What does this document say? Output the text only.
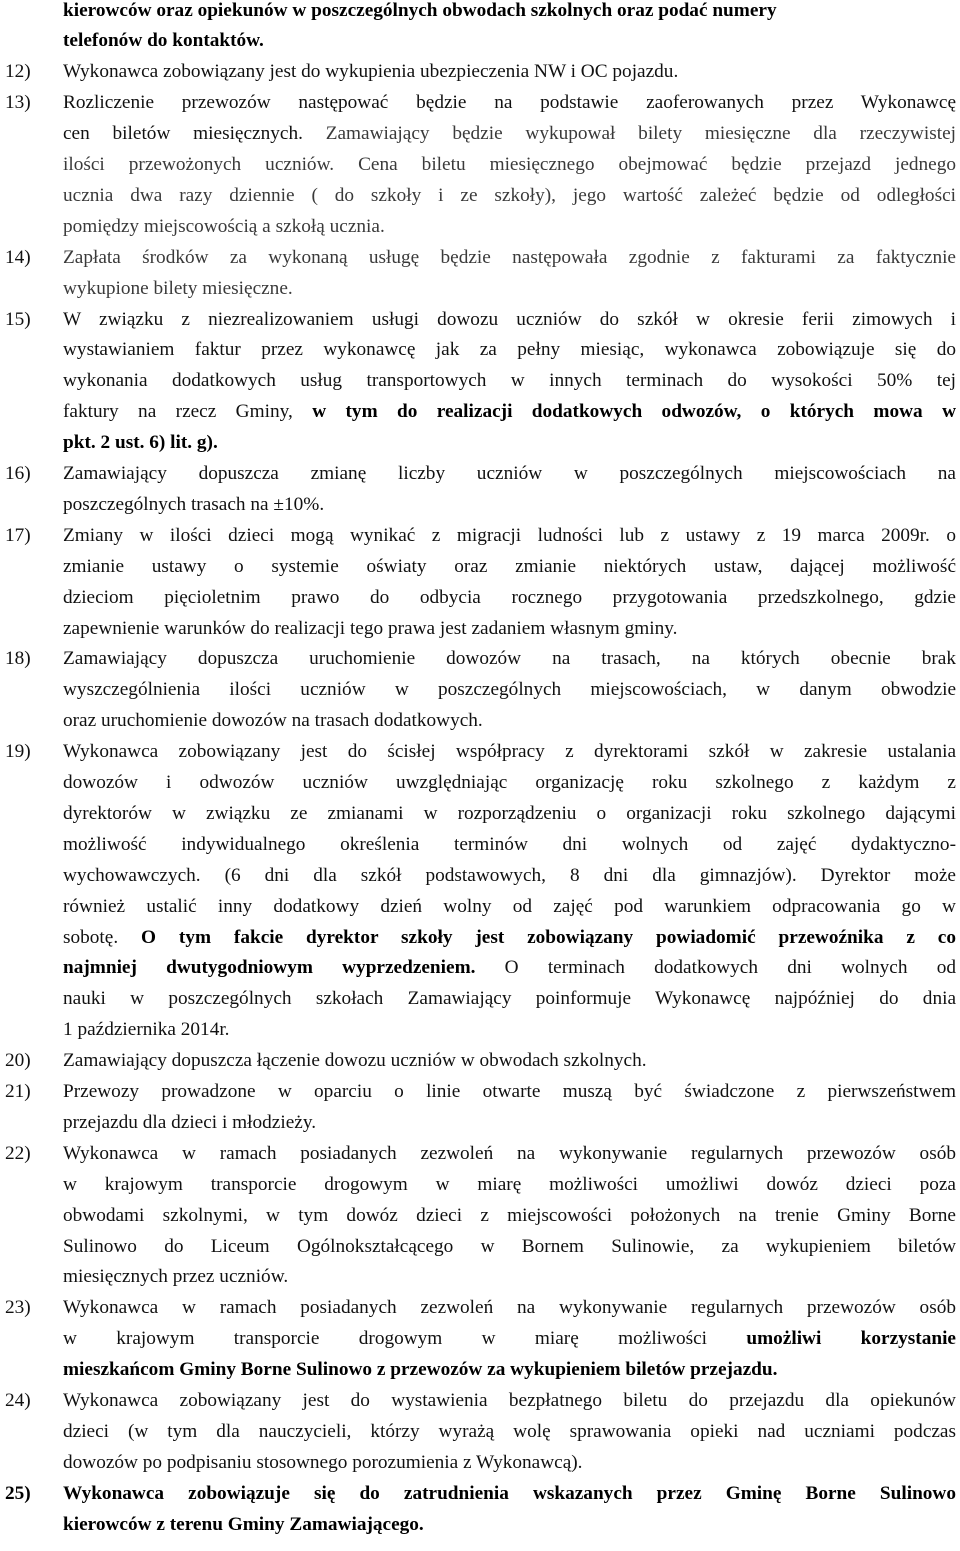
kierowców oraz opiekunów w poszczególnych obwodach szkolnych oraz podać numery
telefonów do kontaktów.
12) Wykonawca zobowiązany jest do wykupienia ubezpieczenia NW i OC pojazdu.
13) Rozliczenie przewozów następować będzie na podstawie zaoferowanych przez Wykonawcę
cen biletów miesięcznych. Zamawiający będzie wykupował bilety miesięczne dla rzeczywistej
ilości przewożonych uczniów. Cena biletu miesięcznego obejmować będzie przejazd jednego
ucznia dwa razy dziennie ( do szkoły i ze szkoły), jego wartość zależeć będzie od odległości
pomiędzy miejscowością a szkołą ucznia.
14) Zapłata środków za wykonaną usługę będzie następowała zgodnie z fakturami za faktycznie
wykupione bilety miesięczne.
15) W związku z niezrealizowaniem usługi dowozu uczniów do szkół w okresie ferii zimowych i
wystawianiem faktur przez wykonawcę jak za pełny miesiąc, wykonawca zobowiązuje się do
wykonania dodatkowych usług transportowych w innych terminach do wysokości 50% tej
faktury na rzecz Gminy, w tym do realizacji dodatkowych odwozów, o których mowa w
pkt. 2 ust. 6) lit. g).
16) Zamawiający dopuszcza zmianę liczby uczniów w poszczególnych miejscowościach na
poszczególnych trasach na ±10%.
17) Zmiany w ilości dzieci mogą wynikać z migracji ludności lub z ustawy z 19 marca 2009r. o
zmianie ustawy o systemie oświaty oraz zmianie niektórych ustaw, dającej możliwość
dzieciom pięcioletnim prawo do odbycia rocznego przygotowania przedszkolnego, gdzie
zapewnienie warunków do realizacji tego prawa jest zadaniem własnym gminy.
18) Zamawiający dopuszcza uruchomienie dowozów na trasach, na których obecnie brak
wyszczególnienia ilości uczniów w poszczególnych miejscowościach, w danym obwodzie
oraz uruchomienie dowozów na trasach dodatkowych.
19) Wykonawca zobowiązany jest do ścisłej współpracy z dyrektorami szkół w zakresie ustalania
dowozów i odwozów uczniów uwzględniając organizację roku szkolnego z każdym z
dyrektorów w związku ze zmianami w rozporządzeniu o organizacji roku szkolnego dającymi
możliwość indywidualnego określenia terminów dni wolnych od zajęć dydaktyczno-
wychowawczych. (6 dni dla szkół podstawowych, 8 dni dla gimnazjów). Dyrektor może
również ustalić inny dodatkowy dzień wolny od zajęć pod warunkiem odpracowania go w
sobotę. O tym fakcie dyrektor szkoły jest zobowiązany powiadomić przewoźnika z co
najmniej dwutygodniowym wyprzedzeniem. O terminach dodatkowych dni wolnych od
nauki w poszczególnych szkołach Zamawiający poinformuje Wykonawcę najpóźniej do dnia
1 października 2014r.
20) Zamawiający dopuszcza łączenie dowozu uczniów w obwodach szkolnych.
21) Przewozy prowadzone w oparciu o linie otwarte muszą być świadczone z pierwszeństwem
przejazdu dla dzieci i młodzieży.
22) Wykonawca w ramach posiadanych zezwoleń na wykonywanie regularnych przewozów osób
w krajowym transporcie drogowym w miarę możliwości umożliwi dowóz dzieci poza
obwodami szkolnymi, w tym dowóz dzieci z miejscowości położonych na trenie Gminy Borne
Sulinowo do Liceum Ogólnokształcącego w Bornem Sulinowie, za wykupieniem biletów
miesięcznych przez uczniów.
23) Wykonawca w ramach posiadanych zezwoleń na wykonywanie regularnych przewozów osób
w krajowym transporcie drogowym w miarę możliwości umożliwi korzystanie
mieszkańcom Gminy Borne Sulinowo z przewozów za wykupieniem biletów przejazdu.
24) Wykonawca zobowiązany jest do wystawienia bezpłatnego biletu do przejazdu dla opiekunów
dzieci (w tym dla nauczycieli, którzy wyrażą wolę sprawowania opieki nad uczniami podczas
dowozów po podpisaniu stosownego porozumienia z Wykonawcą).
25) Wykonawca zobowiązuje się do zatrudnienia wskazanych przez Gminę Borne Sulinowo
kierowców z terenu Gminy Zamawiającego.
